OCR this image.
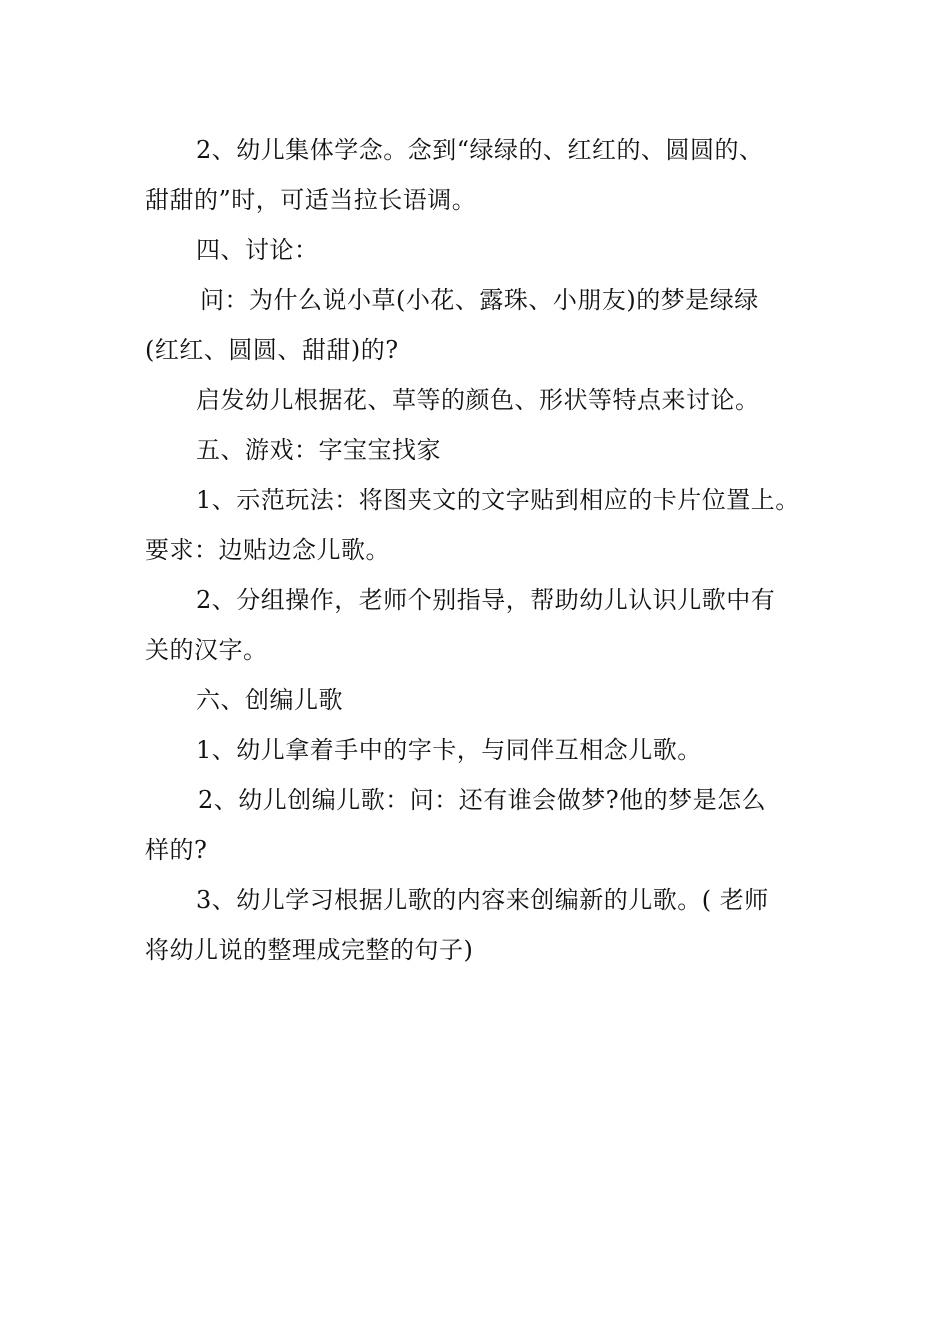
2、幼儿集体学念。念到“绿绿的、红红的、圆圆的、
甜甜的”时，可适当拉长语调。
四、讨论：
问：为什么说小草(小花、露珠、小朋友)的梦是绿绿
(红红、圆圆、甜甜)的?
启发幼儿根据花、草等的颜色、形状等特点来讨论。
五、游戏：字宝宝找家
1、示范玩法：将图夹文的文字贴到相应的卡片位置上。
要求：边贴边念儿歌。
2、分组操作，老师个别指导，帮助幼儿认识儿歌中有
关的汉字。
六、创编儿歌
1、幼儿拿着手中的字卡，与同伴互相念儿歌。
2、幼儿创编儿歌：问：还有谁会做梦?他的梦是怎么
样的?
3、幼儿学习根据儿歌的内容来创编新的儿歌。( 老师
将幼儿说的整理成完整的句子)
